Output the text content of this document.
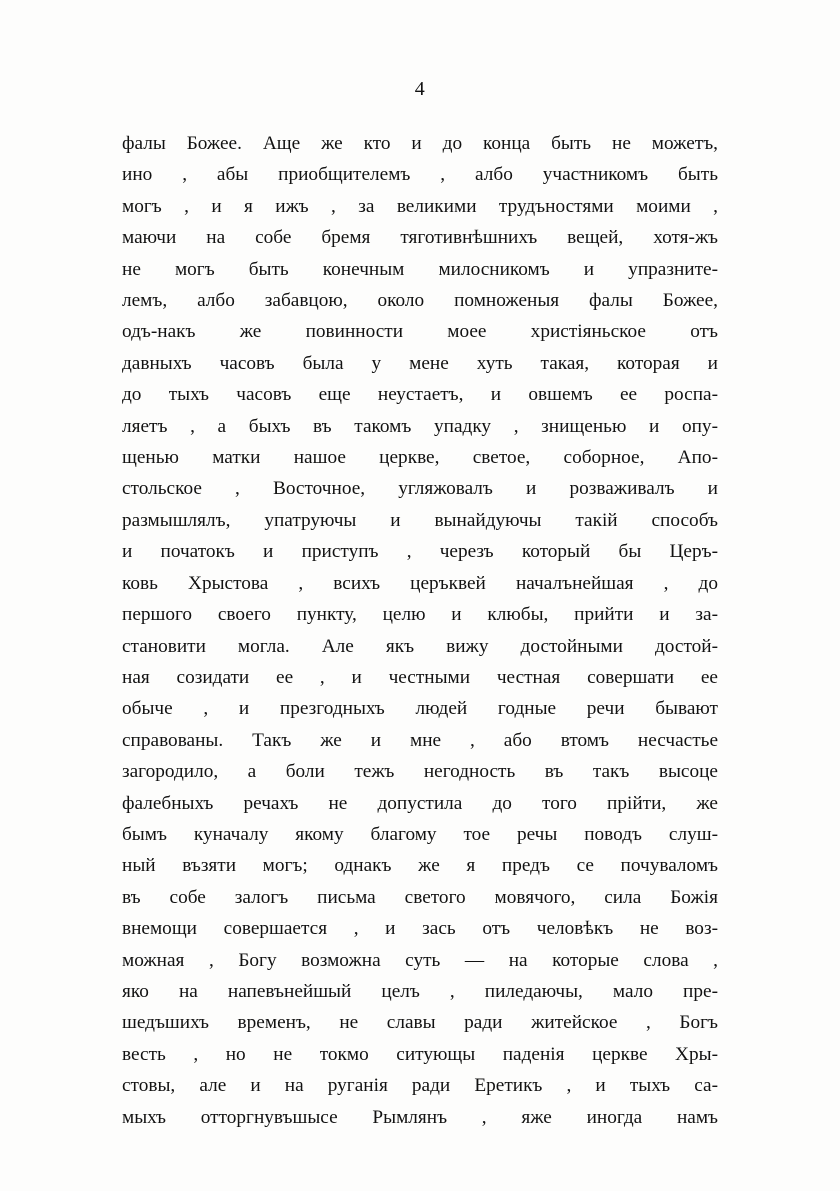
4
фалы Божее. Аще же кто и до конца быть не можетъ,
ино , абы приобщителемъ , албо участникомъ быть
могъ , и я ижъ , за великими трудъностями моими ,
маючи на собе бремя тяготивнѣшнихъ вещей, хотя-жъ
не могъ быть конечным милосникомъ и упразните-
лемъ, албо забавцою, около помноженыя фалы Божее,
одъ-накъ же повинности моее христіяньское отъ
давныхъ часовъ была у мене хуть такая, которая и
до тыхъ часовъ еще неустаетъ, и овшемъ ее роспа-
ляетъ , а быхъ въ такомъ упадку , знищенью и опу-
щенью матки нашое церкве, светое, соборное, Апо-
стольское , Восточное, угляжовалъ и розваживалъ и
размышлялъ, упатруючы и вынайдуючы такій способъ
и початокъ и приступъ , черезъ который бы Церъ-
ковь Хрыстова , всихъ церъквей началънейшая , до
першого своего пункту, целю и клюбы, прийти и за-
становити могла. Але якъ вижу достойными достой-
ная созидати ее , и честными честная совершати ее
обыче , и презгодныхъ людей годные речи бывают
справованы. Такъ же и мне , або втомъ несчастье
загородило, а боли тежъ негодность въ такъ высоце
фалебныхъ речахъ не допустила до того прійти, же
бымъ куначалу якому благому тое речы поводъ слуш-
ный възяти могъ; однакъ же я предъ се почуваломъ
въ собе залогъ письма светого мовячого, сила Божія
внемощи совершается , и зась отъ человѣкъ не воз-
можная , Богу возможна суть — на которые слова ,
яко на напевънейшый целъ , пиледаючы, мало пре-
шедъшихъ временъ, не славы ради житейское , Богъ
весть , но не токмо ситующы паденія церкве Хры-
стовы, але и на руганія ради Еретикъ , и тыхъ са-
мыхъ отторгнувъшысе Рымлянъ , яже иногда намъ
